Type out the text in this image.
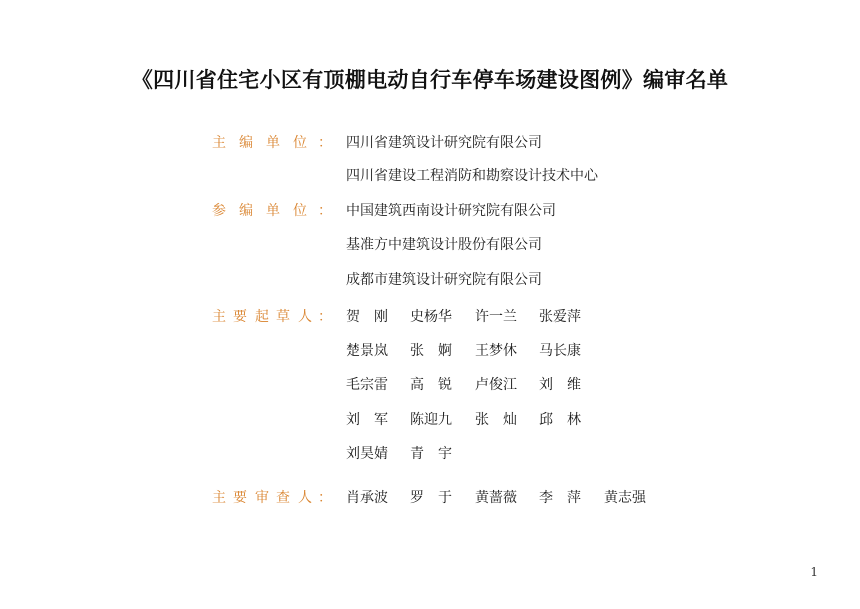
《四川省住宅小区有顶棚电动自行车停车场建设图例》编审名单
主 编 单 位 ： 四川省建筑设计研究院有限公司
四川省建设工程消防和勘察设计技术中心
参 编 单 位 ： 中国建筑西南设计研究院有限公司
基准方中建筑设计股份有限公司
成都市建筑设计研究院有限公司
主 要 起 草 人 ： 贺　刚 史杨华 许一兰 张爱萍
楚景岚 张　婀 王梦休 马长康
毛宗雷 高　锐 卢俊江 刘　维
刘　军 陈迎九 张　灿 邱　林
刘昊婧 青　宇
主 要 审 查 人 ： 肖承波 罗　于 黄蔷薇 李　萍 黄志强
1
